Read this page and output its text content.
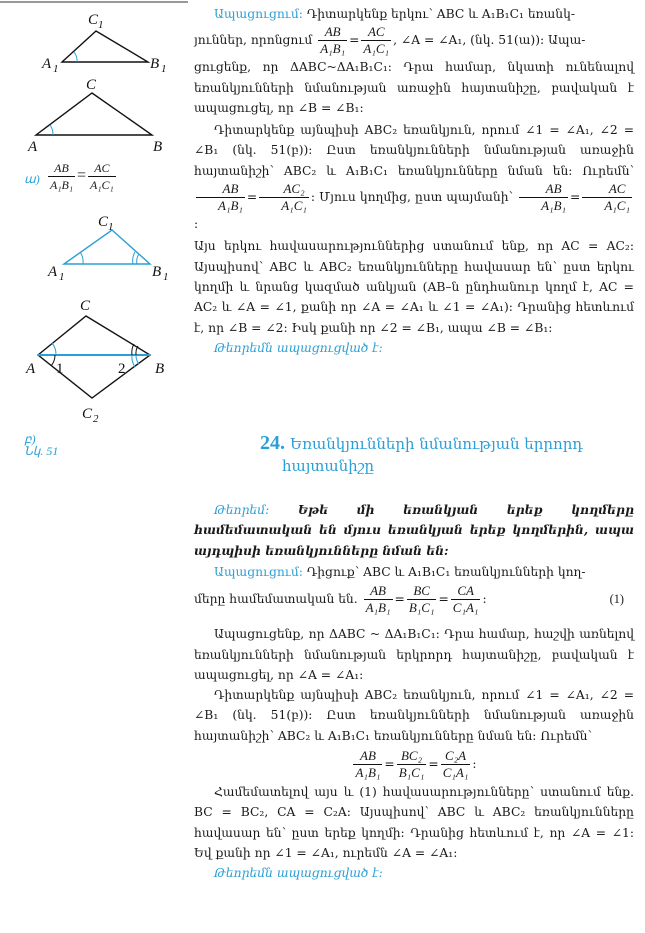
C 1
A 1	B 1
C
A	B
ա) $\frac{AB}{\text{A₁B₁}} = \frac{AC}{\text{A₁C₁}}$
C 1
A 1	B 1
C
A	B
1	2
C 2
բ)
Նկ. 51

Ապացուցում: Դիտարկենք երկու՝ ABC և A₁B₁C₁ եռանկ-

յուններ, որոնցում $\frac{AB}{\text{A₁B₁}} = \frac{AC}{\text{A₁C₁}}$ , ∠A = ∠A₁, (նկ. 51(ա)): Ապա-

ցուցենք, որ ΔABC~ΔA₁B₁C₁: Դրա համար, նկատի ունենալով եռանկյունների նմանության առաջին հայտանիշը, բավական է ապացուցել, որ ∠B = ∠B₁:

Դիտարկենք այնպիսի ABC₂ եռանկյուն, որում ∠1 = ∠A₁, ∠2 = ∠B₁ (նկ. 51(բ)): Ըստ եռանկյունների նմանության առաջին հայտանիշի՝ ABC₂ և A₁B₁C₁ եռանկյունները նման են: Ուրեմն՝
$\frac{AB}{\text{A₁B₁}} = \frac{\text{AC₂}}{\text{A₁C₁}}$ : Մյուս կողմից, ըստ պայմանի՝ $\frac{AB}{\text{A₁B₁}} = \frac{AC}{\text{A₁C₁}}$
:

Այս երկու հավասարություններից ստանում ենք, որ AC = AC₂: Այսպիսով՝ ABC և ABC₂ եռանկյունները հավասար են՝ ըստ երկու կողմի և նրանց կազմած անկյան (AB–ն ընդհանուր կողմ է, AC = AC₂ և ∠A = ∠1, քանի որ ∠A = ∠A₁ և ∠1 = ∠A₁): Դրանից հետևում է, որ ∠B = ∠2: Իսկ քանի որ ∠2 = ∠B₁, ապա ∠B = ∠B₁:

Թեորեմն ապացուցված է:

24. Եռանկյունների նմանության երրորդ
հայտանիշը

Թեորեմ: Եթե մի եռանկյան երեք կողմերը համեմատական են մյուս եռանկյան երեք կողմերին, ապա այդպիսի եռանկյունները նման են:

Ապացուցում: Դիցուք՝ ABC և A₁B₁C₁ եռանկյունների կող-

մերը համեմատական են. $\frac{AB}{\text{A₁B₁}} = \frac{BC}{\text{B₁C₁}} = \frac{CA}{\text{C₁A₁}}$ :	(1)

Ապացուցենք, որ ΔABC ~ ΔA₁B₁C₁: Դրա համար, հաշվի առնելով եռանկյունների նմանության երկրորդ հայտանիշը, բավական է ապացուցել, որ ∠A = ∠A₁:

Դիտարկենք այնպիսի ABC₂ եռանկյուն, որում ∠1 = ∠A₁, ∠2 = ∠B₁ (նկ. 51(բ)): Ըստ եռանկյունների նմանության առաջին հայտանիշի՝ ABC₂ և A₁B₁C₁ եռանկյունները նման են: Ուրեմն՝

$\frac{AB}{\text{A₁B₁}} = \frac{\text{BC₂}}{\text{B₁C₁}} = \frac{\text{C₂A}}{\text{C₁A₁}}$ :

Համեմատելով այս և (1) հավասարությունները՝ ստանում ենք. BC = BC₂, CA = C₂A: Այսպիսով՝ ABC և ABC₂ եռանկյունները հավասար են՝ ըստ երեք կողմի: Դրանից հետևում է, որ ∠A = ∠1: Եվ քանի որ ∠1 = ∠A₁, ուրեմն ∠A = ∠A₁:

Թեորեմն ապացուցված է:
